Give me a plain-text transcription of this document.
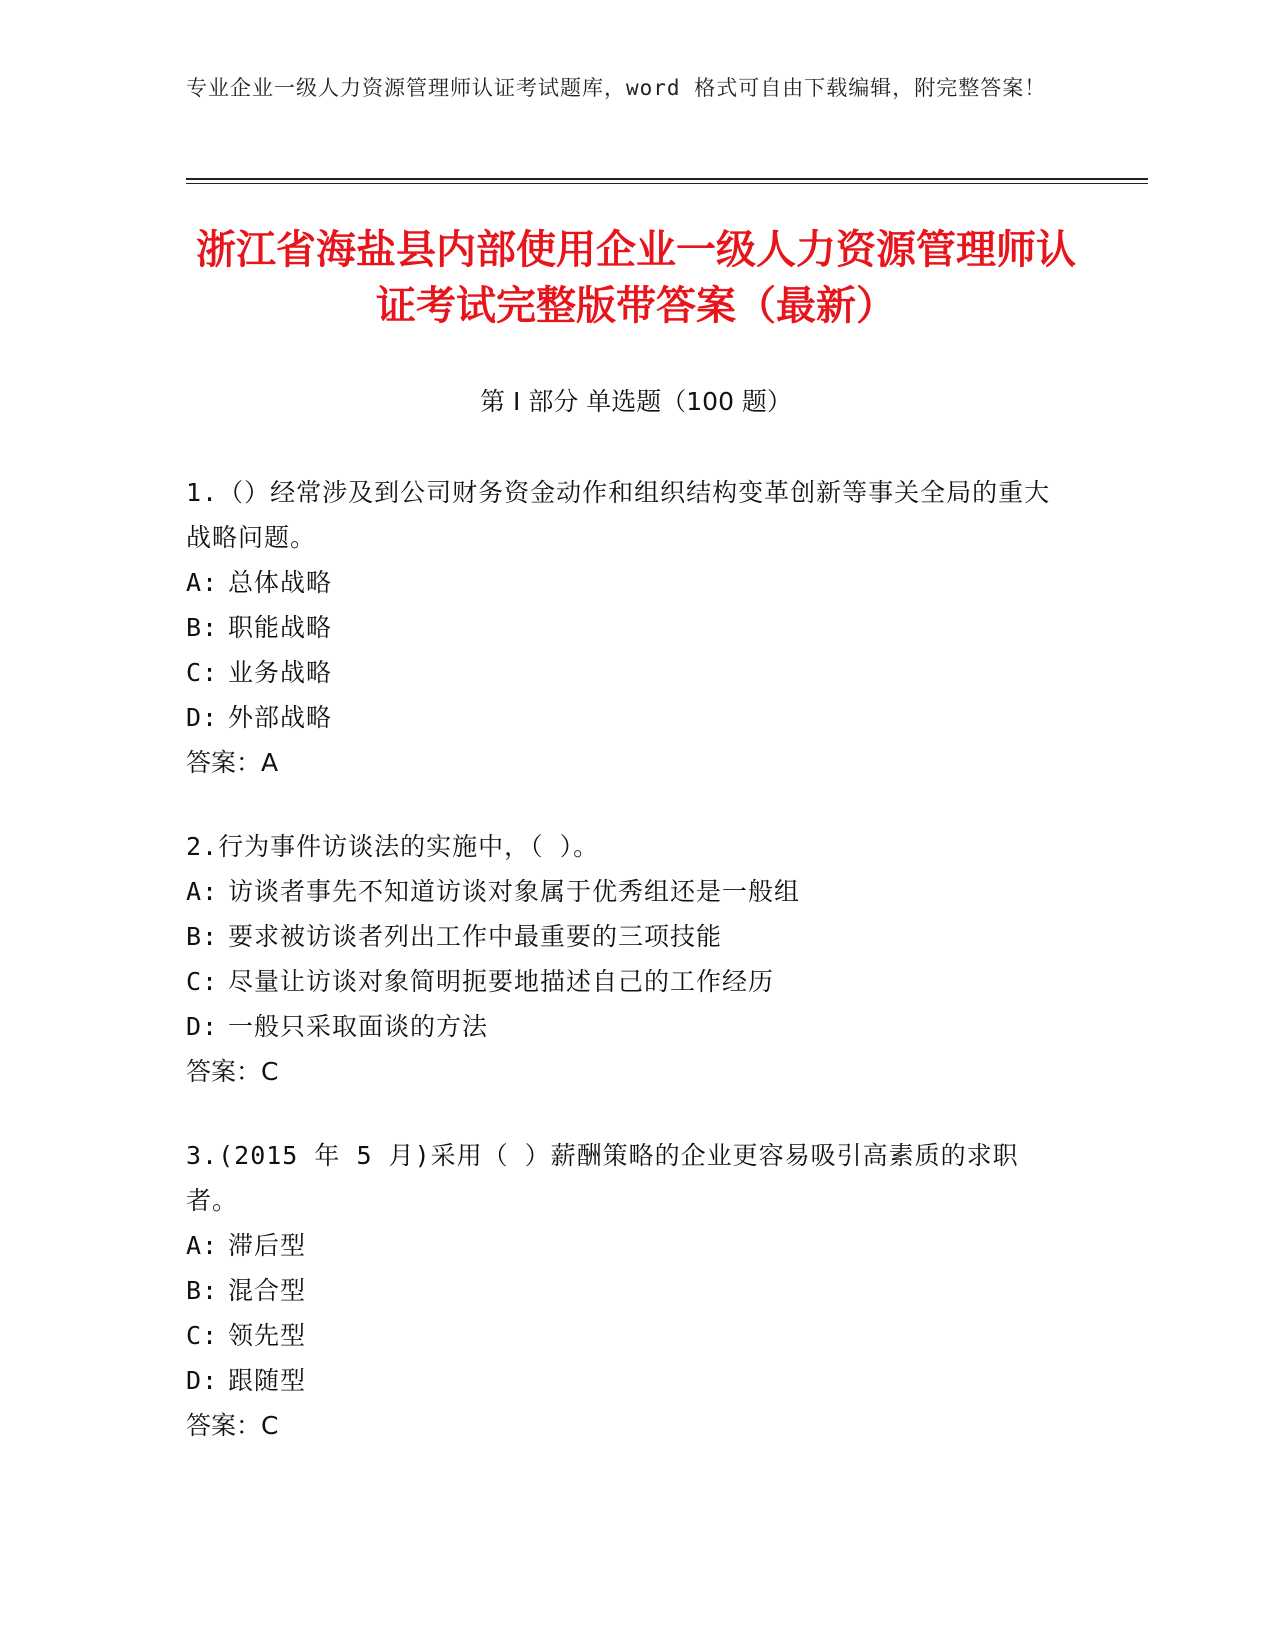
专业企业一级人力资源管理师认证考试题库，word 格式可自由下载编辑，附完整答案！
浙江省海盐县内部使用企业一级人力资源管理师认证考试完整版带答案（最新）
第 I 部分 单选题（100 题）
1.（）经常涉及到公司财务资金动作和组织结构变革创新等事关全局的重大战略问题。
A: 总体战略
B: 职能战略
C: 业务战略
D: 外部战略
答案：A
2.行为事件访谈法的实施中，（ ）。
A: 访谈者事先不知道访谈对象属于优秀组还是一般组
B: 要求被访谈者列出工作中最重要的三项技能
C: 尽量让访谈对象简明扼要地描述自己的工作经历
D: 一般只采取面谈的方法
答案：C
3.(2015 年 5 月)采用（ ）薪酬策略的企业更容易吸引高素质的求职者。
A: 滞后型
B: 混合型
C: 领先型
D: 跟随型
答案：C
